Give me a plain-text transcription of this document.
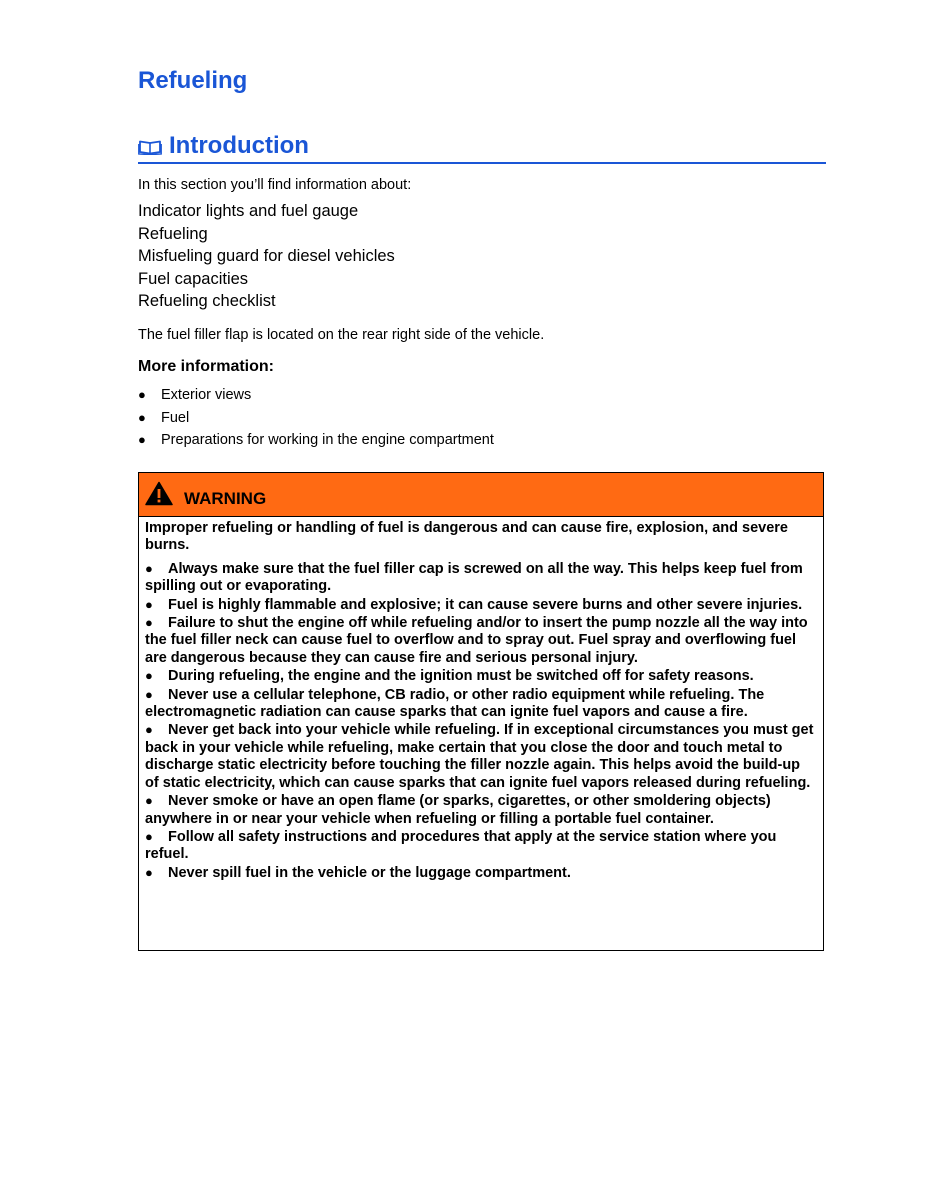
Refueling
Introduction

In this section you’ll find information about:

Indicator lights and fuel gauge
Refueling
Misfueling guard for diesel vehicles
Fuel capacities
Refueling checklist

The fuel filler flap is located on the rear right side of the vehicle.

More information:
● Exterior views
● Fuel
● Preparations for working in the engine compartment
WARNING

Improper refueling or handling of fuel is dangerous and can cause fire, explosion, and severe burns.

● Always make sure that the fuel filler cap is screwed on all the way. This helps keep fuel from spilling out or evaporating.

● Fuel is highly flammable and explosive; it can cause severe burns and other severe injuries.

● Failure to shut the engine off while refueling and/or to insert the pump nozzle all the way into the fuel filler neck can cause fuel to overflow and to spray out. Fuel spray and overflowing fuel are dangerous because they can cause fire and serious personal injury.

● During refueling, the engine and the ignition must be switched off for safety reasons.

● Never use a cellular telephone, CB radio, or other radio equipment while refueling. The electromagnetic radiation can cause sparks that can ignite fuel vapors and cause a fire.

● Never get back into your vehicle while refueling. If in exceptional circumstances you must get back in your vehicle while refueling, make certain that you close the door and touch metal to discharge static electricity before touching the filler nozzle again. This helps avoid the build-up of static electricity, which can cause sparks that can ignite fuel vapors released during refueling.

● Never smoke or have an open flame (or sparks, cigarettes, or other smoldering objects) anywhere in or near your vehicle when refueling or filling a portable fuel container.

● Follow all safety instructions and procedures that apply at the service station where you refuel.

● Never spill fuel in the vehicle or the luggage compartment.
